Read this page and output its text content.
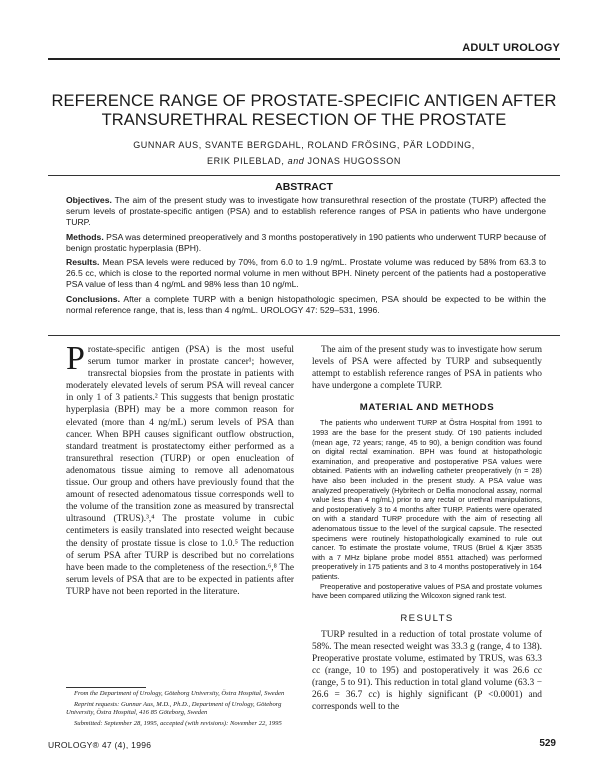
ADULT UROLOGY
REFERENCE RANGE OF PROSTATE-SPECIFIC ANTIGEN AFTER
TRANSURETHRAL RESECTION OF THE PROSTATE
GUNNAR AUS, SVANTE BERGDAHL, ROLAND FRÖSING, PÄR LODDING,
ERIK PILEBLAD, and JONAS HUGOSSON
ABSTRACT

Objectives. The aim of the present study was to investigate how transurethral resection of the prostate (TURP) affected the serum levels of prostate-specific antigen (PSA) and to establish reference ranges of PSA in patients who have undergone TURP.

Methods. PSA was determined preoperatively and 3 months postoperatively in 190 patients who underwent TURP because of benign prostatic hyperplasia (BPH).

Results. Mean PSA levels were reduced by 70%, from 6.0 to 1.9 ng/mL. Prostate volume was reduced by 58% from 63.3 to 26.5 cc, which is close to the reported normal volume in men without BPH. Ninety percent of the patients had a postoperative PSA value of less than 4 ng/mL and 98% less than 10 ng/mL.

Conclusions. After a complete TURP with a benign histopathologic specimen, PSA should be expected to be within the normal reference range, that is, less than 4 ng/mL. UROLOGY 47: 529–531, 1996.

Prostate-specific antigen (PSA) is the most useful serum tumor marker in prostate cancer¹; however, transrectal biopsies from the prostate in patients with moderately elevated levels of serum PSA will reveal cancer in only 1 of 3 patients.² This suggests that benign prostatic hyperplasia (BPH) may be a more common reason for elevated (more than 4 ng/mL) serum levels of PSA than cancer. When BPH causes significant outflow obstruction, standard treatment is prostatectomy either performed as a transurethral resection (TURP) or open enucleation of adenomatous tissue aiming to remove all adenomatous tissue. Our group and others have previously found that the amount of resected adenomatous tissue corresponds well to the volume of the transition zone as measured by transrectal ultrasound (TRUS).³,⁴ The prostate volume in cubic centimeters is easily translated into resected weight because the density of prostate tissue is close to 1.0.⁵ The reduction of serum PSA after TURP is described but no correlations have been made to the completeness of the resection.⁶,⁸ The serum levels of PSA that are to be expected in patients after TURP have not been reported in the literature.

From the Department of Urology, Göteborg University, Östra Hospital, Sweden

Reprint requests: Gunnar Aus, M.D., Ph.D., Department of Urology, Göteborg University, Östra Hospital, 416 85 Göteborg, Sweden

Submitted: September 28, 1995, accepted (with revisions): November 22, 1995

The aim of the present study was to investigate how serum levels of PSA were affected by TURP and subsequently attempt to establish reference ranges of PSA in patients who have undergone a complete TURP.

MATERIAL AND METHODS

The patients who underwent TURP at Östra Hospital from 1991 to 1993 are the base for the present study. Of 190 patients included (mean age, 72 years; range, 45 to 90), a benign condition was found on digital rectal examination. BPH was found at histopathologic examination, and preoperative and postoperative PSA values were obtained. Patients with an indwelling catheter preoperatively (n = 28) have also been included in the present study. A PSA value was analyzed preoperatively (Hybritech or Delfia monoclonal assay, normal value less than 4 ng/mL) prior to any rectal or urethral manipulations, and postoperatively 3 to 4 months after TURP. Patients were operated on with a standard TURP procedure with the aim of resecting all adenomatous tissue to the level of the surgical capsule. The resected specimens were routinely histopathologically examined to rule out cancer. To estimate the prostate volume, TRUS (Brüel & Kjær 3535 with a 7 MHz biplane probe model 8551 attached) was performed preoperatively in 175 patients and 3 to 4 months postoperatively in 164 patients.

Preoperative and postoperative values of PSA and prostate volumes have been compared utilizing the Wilcoxon signed rank test.

RESULTS

TURP resulted in a reduction of total prostate volume of 58%. The mean resected weight was 33.3 g (range, 4 to 138). Preoperative prostate volume, estimated by TRUS, was 63.3 cc (range, 10 to 195) and postoperatively it was 26.6 cc (range, 5 to 91). This reduction in total gland volume (63.3 − 26.6 = 36.7 cc) is highly significant (P <0.0001) and corresponds well to the

UROLOGY® 47 (4), 1996	529
